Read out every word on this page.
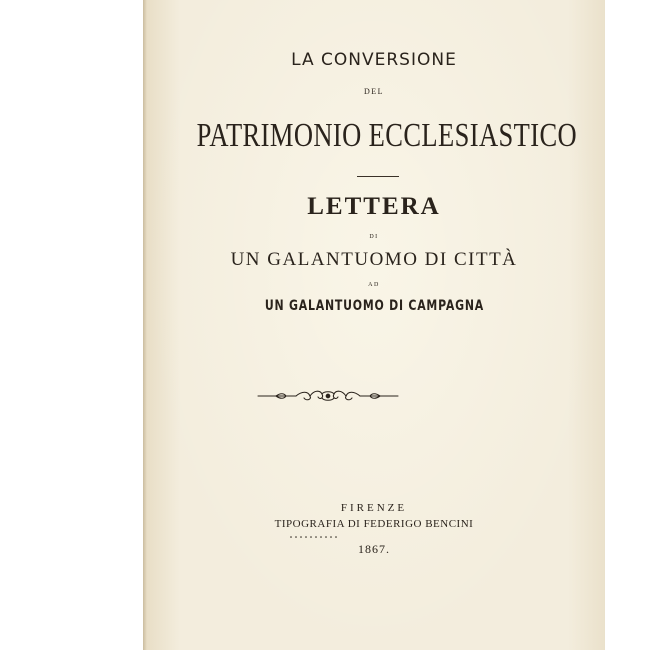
LA CONVERSIONE
DEL
PATRIMONIO ECCLESIASTICO
LETTERA
DI
UN GALANTUOMO DI CITTÀ
AD
UN GALANTUOMO DI CAMPAGNA
FIRENZE
TIPOGRAFIA DI FEDERIGO BENCINI
1867.
